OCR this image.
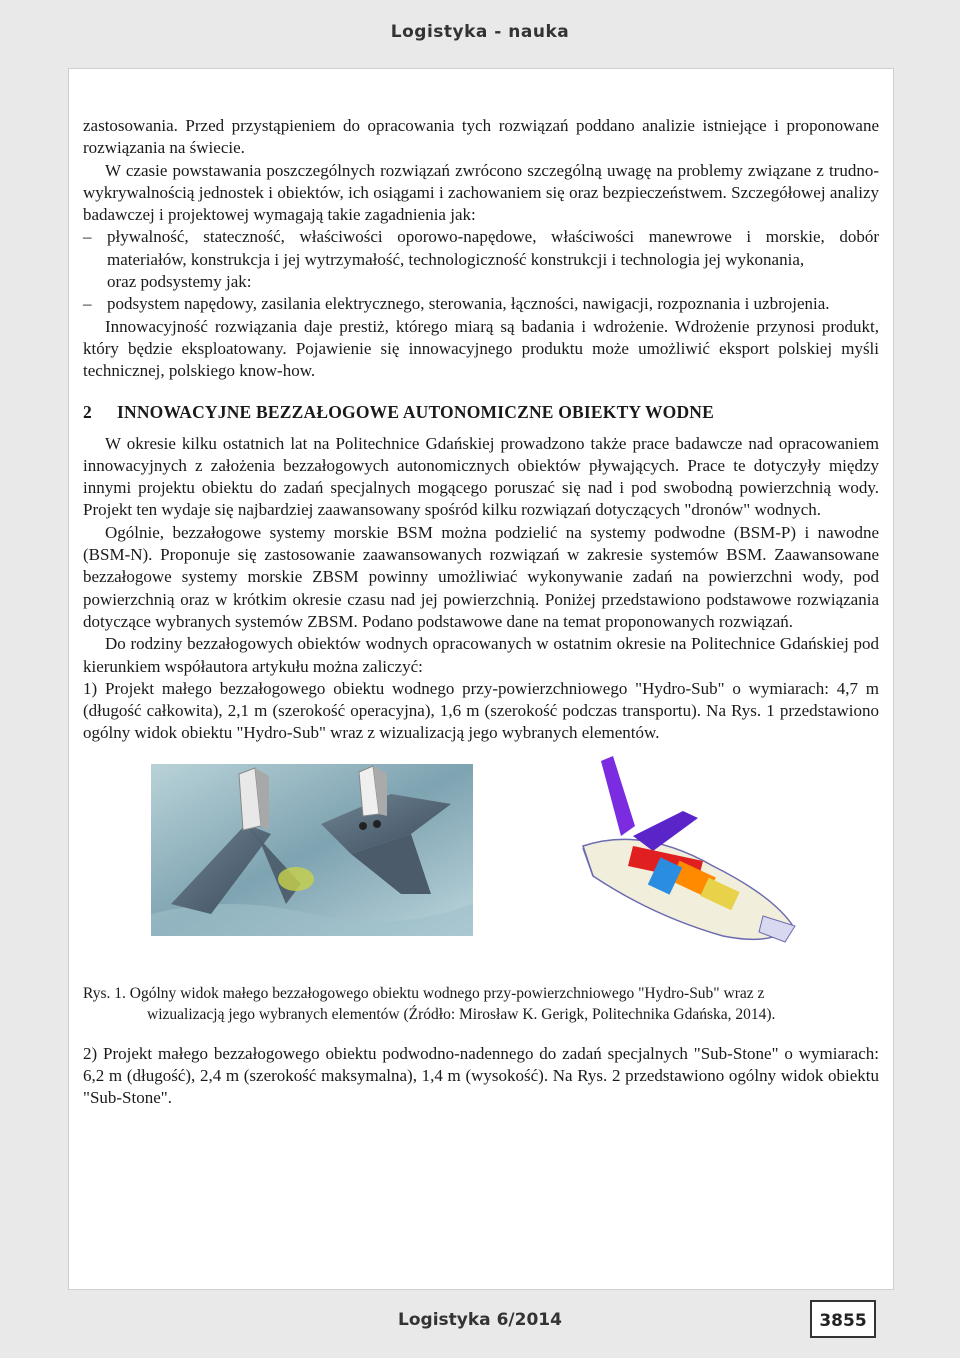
Logistyka - nauka

zastosowania. Przed przystąpieniem do opracowania tych rozwiązań poddano analizie istniejące i proponowane rozwiązania na świecie.

W czasie powstawania poszczególnych rozwiązań zwrócono szczególną uwagę na problemy związane z trudno-wykrywalnością jednostek i obiektów, ich osiągami i zachowaniem się oraz bezpieczeństwem. Szczegółowej analizy badawczej i projektowej wymagają takie zagadnienia jak:

– pływalność, stateczność, właściwości oporowo-napędowe, właściwości manewrowe i morskie, dobór materiałów, konstrukcja i jej wytrzymałość, technologiczność konstrukcji i technologia jej wykonania,

oraz podsystemy jak:

– podsystem napędowy, zasilania elektrycznego, sterowania, łączności, nawigacji, rozpoznania i uzbrojenia.

Innowacyjność rozwiązania daje prestiż, którego miarą są badania i wdrożenie. Wdrożenie przynosi produkt, który będzie eksploatowany. Pojawienie się innowacyjnego produktu może umożliwić eksport polskiej myśli technicznej, polskiego know-how.

2 INNOWACYJNE BEZZAŁOGOWE AUTONOMICZNE OBIEKTY WODNE

W okresie kilku ostatnich lat na Politechnice Gdańskiej prowadzono także prace badawcze nad opracowaniem innowacyjnych z założenia bezzałogowych autonomicznych obiektów pływających. Prace te dotyczyły między innymi projektu obiektu do zadań specjalnych mogącego poruszać się nad i pod swobodną powierzchnią wody. Projekt ten wydaje się najbardziej zaawansowany spośród kilku rozwiązań dotyczących "dronów" wodnych.

Ogólnie, bezzałogowe systemy morskie BSM można podzielić na systemy podwodne (BSM-P) i nawodne (BSM-N). Proponuje się zastosowanie zaawansowanych rozwiązań w zakresie systemów BSM. Zaawansowane bezzałogowe systemy morskie ZBSM powinny umożliwiać wykonywanie zadań na powierzchni wody, pod powierzchnią oraz w krótkim okresie czasu nad jej powierzchnią. Poniżej przedstawiono podstawowe rozwiązania dotyczące wybranych systemów ZBSM. Podano podstawowe dane na temat proponowanych rozwiązań.

Do rodziny bezzałogowych obiektów wodnych opracowanych w ostatnim okresie na Politechnice Gdańskiej pod kierunkiem współautora artykułu można zaliczyć:

1) Projekt małego bezzałogowego obiektu wodnego przy-powierzchniowego "Hydro-Sub" o wymiarach: 4,7 m (długość całkowita), 2,1 m (szerokość operacyjna), 1,6 m (szerokość podczas transportu). Na Rys. 1 przedstawiono ogólny widok obiektu "Hydro-Sub" wraz z wizualizacją jego wybranych elementów.

Rys. 1. Ogólny widok małego bezzałogowego obiektu wodnego przy-powierzchniowego "Hydro-Sub" wraz z
wizualizacją jego wybranych elementów (Źródło: Mirosław K. Gerigk, Politechnika Gdańska, 2014).

2) Projekt małego bezzałogowego obiektu podwodno-nadennego do zadań specjalnych "Sub-Stone" o wymiarach: 6,2 m (długość), 2,4 m (szerokość maksymalna), 1,4 m (wysokość). Na Rys. 2 przedstawiono ogólny widok obiektu "Sub-Stone".

Logistyka 6/2014	3855
